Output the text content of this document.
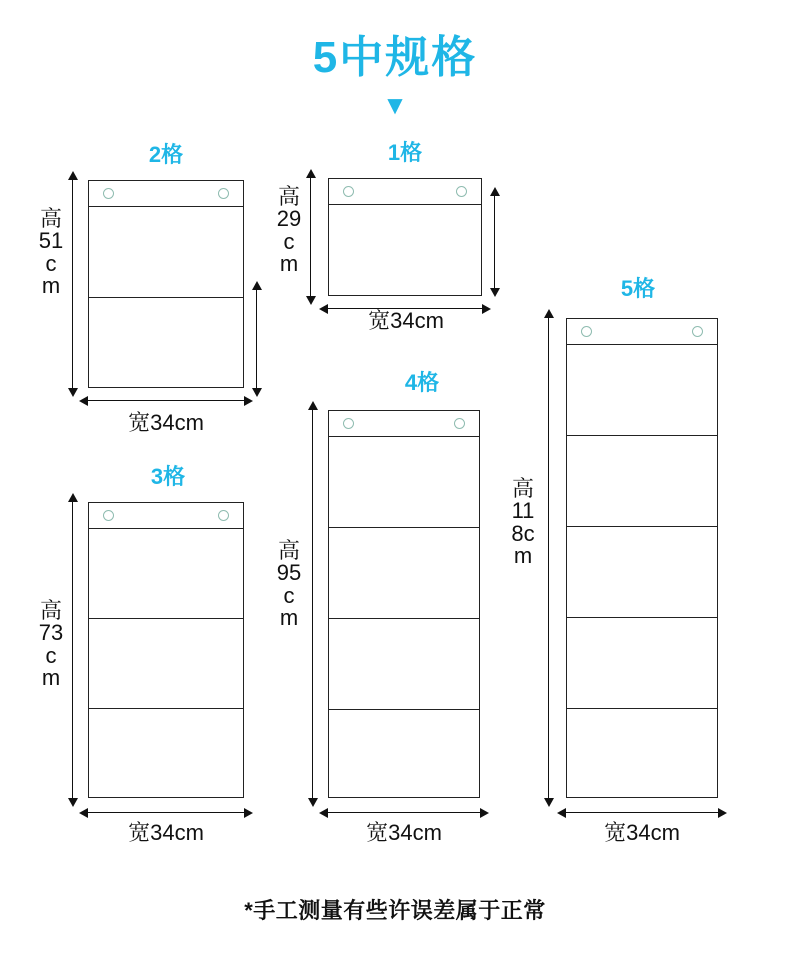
5中规格
▼
2格
高51cm
宽34cm
1格
高29cm
宽34cm
3格
高73cm
宽34cm
4格
高95cm
宽34cm
5格
高118cm
宽34cm
*手工测量有些许误差属于正常
